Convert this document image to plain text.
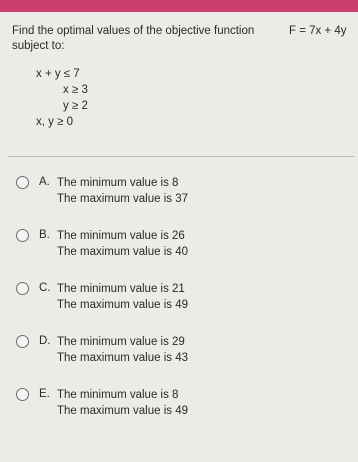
Find the optimal values of the objective function	F = 7x + 4y
subject to:
x + y ≤ 7
x ≥ 3
y ≥ 2
x, y ≥ 0
A. The minimum value is 8
The maximum value is 37
B. The minimum value is 26
The maximum value is 40
C. The minimum value is 21
The maximum value is 49
D. The minimum value is 29
The maximum value is 43
E. The minimum value is 8
The maximum value is 49
